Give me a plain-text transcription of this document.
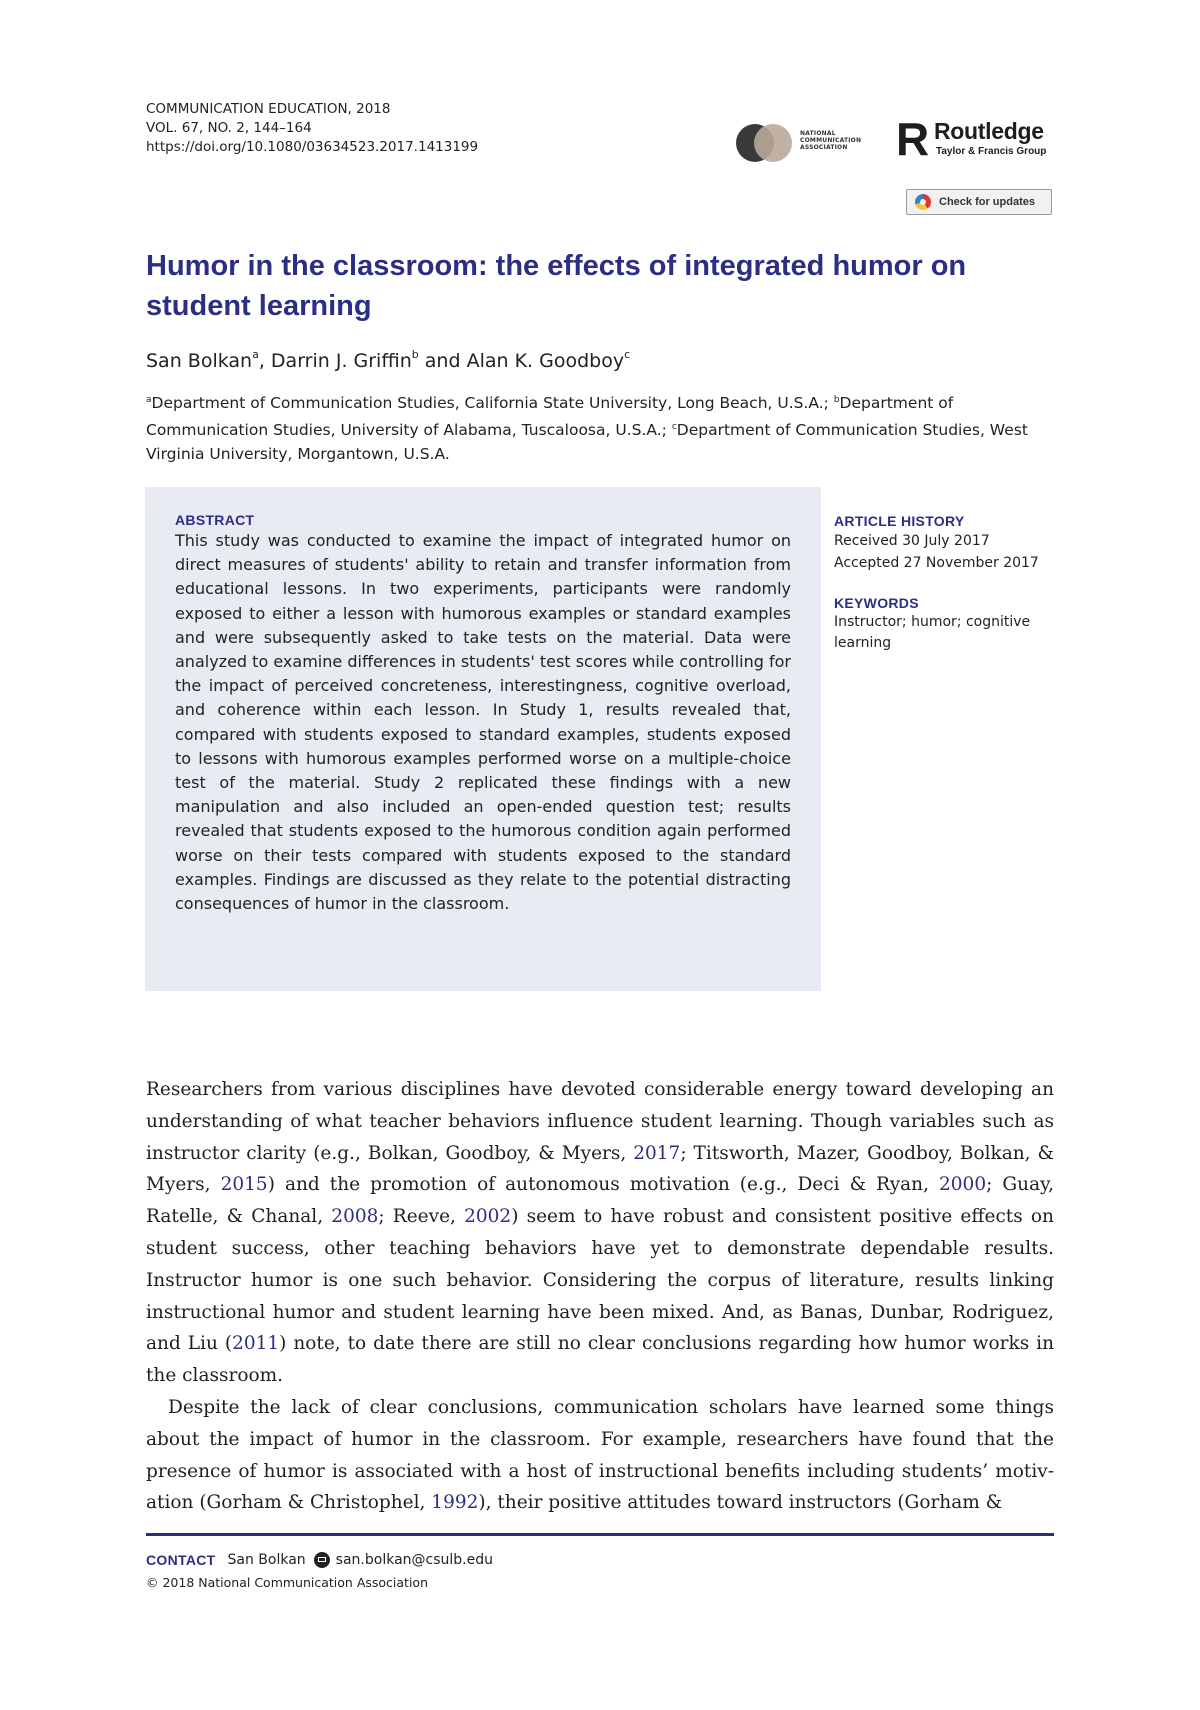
COMMUNICATION EDUCATION, 2018
VOL. 67, NO. 2, 144–164
https://doi.org/10.1080/03634523.2017.1413199
NATIONAL COMMUNICATION ASSOCIATION	R Routledge
Taylor & Francis Group
Check for updates
Humor in the classroom: the effects of integrated humor on student learning
San Bolkan$^a$, Darrin J. Griffin$^b$ and Alan K. Goodboy$^c$
$^a$Department of Communication Studies, California State University, Long Beach, U.S.A.; $^b$Department of Communication Studies, University of Alabama, Tuscaloosa, U.S.A.; $^c$Department of Communication Studies, West Virginia University, Morgantown, U.S.A.
ABSTRACT

This study was conducted to examine the impact of integrated humor on direct measures of students' ability to retain and transfer information from educational lessons. In two experiments, participants were randomly exposed to either a lesson with humorous examples or standard examples and were subsequently asked to take tests on the material. Data were analyzed to examine differences in students' test scores while controlling for the impact of perceived concreteness, interestingness, cognitive overload, and coherence within each lesson. In Study 1, results revealed that, compared with students exposed to standard examples, students exposed to lessons with humorous examples performed worse on a multiple-choice test of the material. Study 2 replicated these findings with a new manipulation and also included an open-ended question test; results revealed that students exposed to the humorous condition again performed worse on their tests compared with students exposed to the standard examples. Findings are discussed as they relate to the potential distracting consequences of humor in the classroom.

ARTICLE HISTORY
Received 30 July 2017
Accepted 27 November 2017
KEYWORDS
Instructor; humor; cognitive learning

Researchers from various disciplines have devoted considerable energy toward developing an understanding of what teacher behaviors influence student learning. Though variables such as instructor clarity (e.g., Bolkan, Goodboy, & Myers, 2017; Titsworth, Mazer, Goodboy, Bolkan, & Myers, 2015) and the promotion of autonomous motivation (e.g., Deci & Ryan, 2000; Guay, Ratelle, & Chanal, 2008; Reeve, 2002) seem to have robust and consistent positive effects on student success, other teaching behaviors have yet to demonstrate dependable results. Instructor humor is one such behavior. Considering the corpus of literature, results linking instructional humor and student learning have been mixed. And, as Banas, Dunbar, Rodriguez, and Liu (2011) note, to date there are still no clear conclusions regarding how humor works in the classroom.

Despite the lack of clear conclusions, communication scholars have learned some things about the impact of humor in the classroom. For example, researchers have found that the presence of humor is associated with a host of instructional benefits including students’ motivation (Gorham & Christophel, 1992), their positive attitudes toward instructors (Gorham &

CONTACT San Bolkan san.bolkan@csulb.edu
© 2018 National Communication Association
